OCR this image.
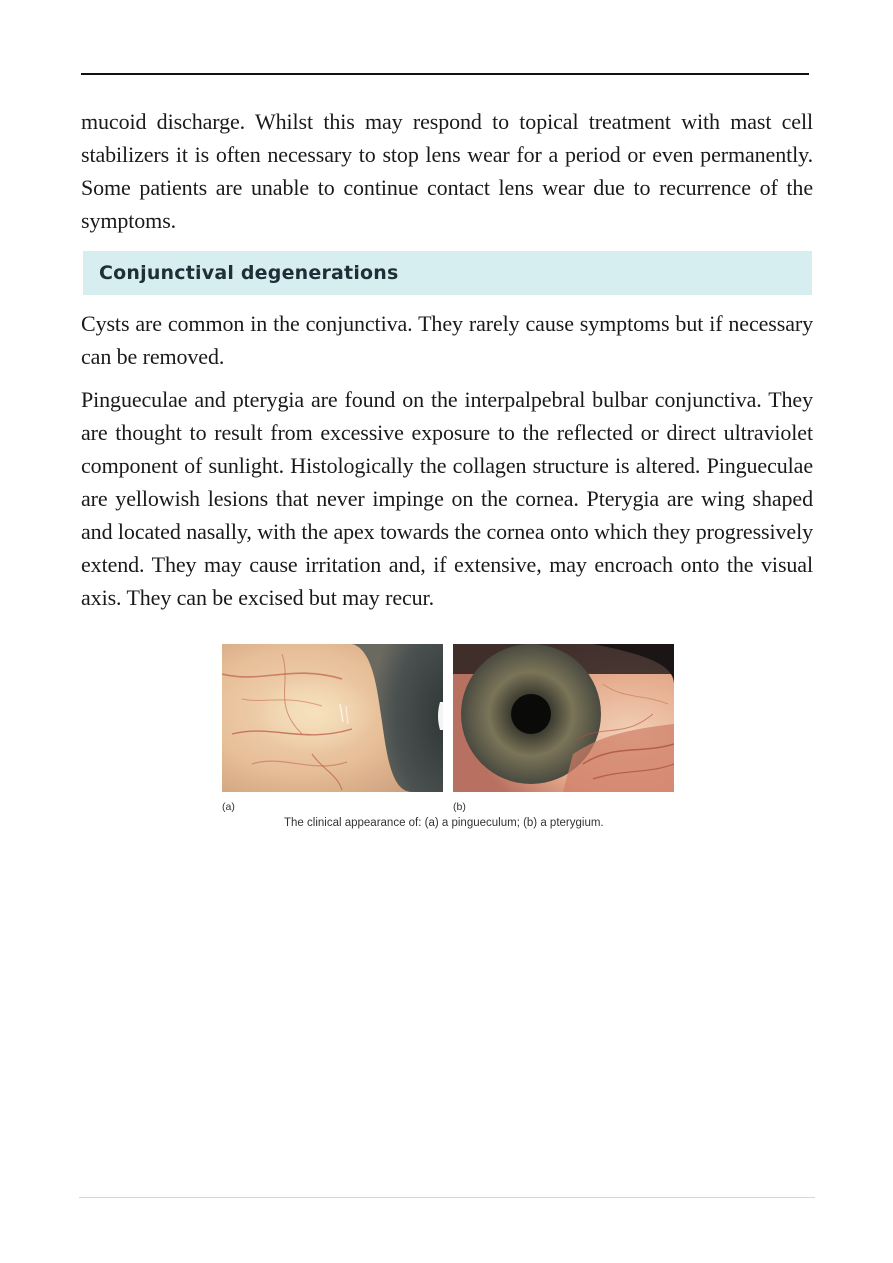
mucoid discharge. Whilst this may respond to topical treatment with mast cell stabilizers it is often necessary to stop lens wear for a period or even permanently. Some patients are unable to continue contact lens wear due to recurrence of the symptoms.

Conjunctival degenerations

Cysts are common in the conjunctiva. They rarely cause symptoms but if necessary can be removed.

Pingueculae and pterygia are found on the interpalpebral bulbar conjunctiva. They are thought to result from excessive exposure to the reflected or direct ultraviolet component of sunlight. Histologically the collagen structure is altered. Pingueculae are yellowish lesions that never impinge on the cornea. Pterygia are wing shaped and located nasally, with the apex towards the cornea onto which they progressively extend. They may cause irritation and, if extensive, may encroach onto the visual axis. They can be excised but may recur.

(a)	(b)
The clinical appearance of: (a) a pingueculum; (b) a pterygium.
